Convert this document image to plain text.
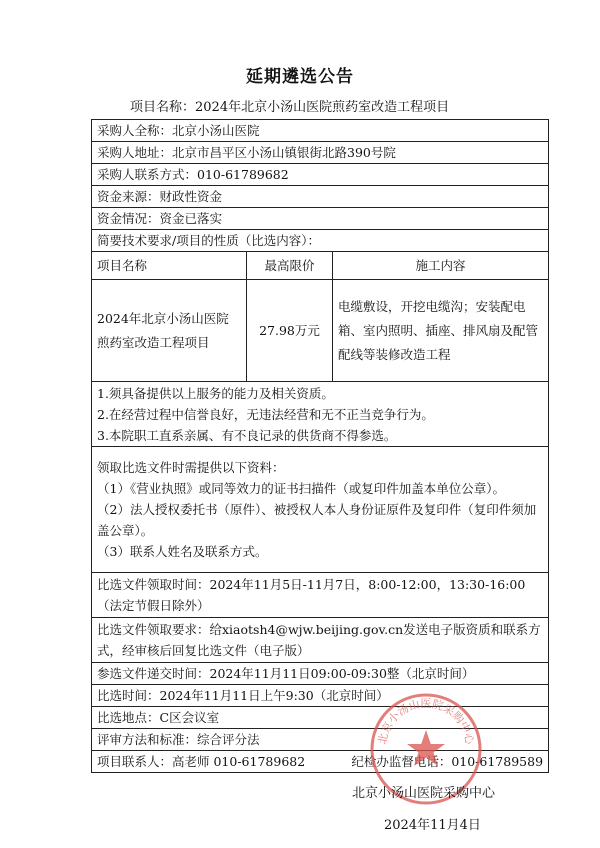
延期遴选公告
项目名称：2024年北京小汤山医院煎药室改造工程项目
采购人全称：北京小汤山医院		
采购人地址：北京市昌平区小汤山镇银街北路390号院		
采购人联系方式：010-61789682		
资金来源：财政性资金		
资金情况：资金已落实		
简要技术要求/项目的性质（比选内容）：		
项目名称	最高限价	施工内容
2024年北京小汤山医院煎药室改造工程项目	27.98万元	电缆敷设，开挖电缆沟；安装配电箱、室内照明、插座、排风扇及配管配线等装修改造工程

1.须具备提供以上服务的能力及相关资质。
2.在经营过程中信誉良好，无违法经营和无不正当竞争行为。
3.本院职工直系亲属、有不良记录的供货商不得参选。		

领取比选文件时需提供以下资料：
（1）《营业执照》或同等效力的证书扫描件（或复印件加盖本单位公章）。
（2）法人授权委托书（原件）、被授权人本人身份证原件及复印件（复印件须加盖公章）。
（3）联系人姓名及联系方式。		

比选文件领取时间：2024年11月5日-11月7日，8:00-12:00，13:30-16:00（法定节假日除外）		
比选文件领取要求：给xiaotsh4@wjw.beijing.gov.cn发送电子版资质和联系方式，经审核后回复比选文件（电子版）		
参选文件递交时间：2024年11月11日09:00-09:30整（北京时间）		
比选时间：2024年11月11日上午9:30（北京时间）		
比选地点：C区会议室		
评审方法和标准：综合评分法		
项目联系人：高老师 010-61789682 纪检办监督电话：010-61789589		
北京小汤山医院采购中心
北京小汤山医院采购中心
2024年11月4日
